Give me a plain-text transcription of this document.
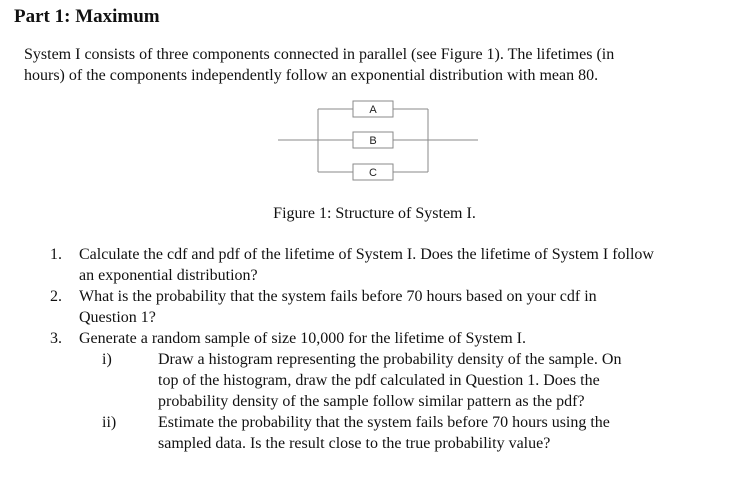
Part 1: Maximum
System I consists of three components connected in parallel (see Figure 1). The lifetimes (in
hours) of the components independently follow an exponential distribution with mean 80.
A
B
C
Figure 1: Structure of System I.
1. Calculate the cdf and pdf of the lifetime of System I. Does the lifetime of System I follow
an exponential distribution?
2. What is the probability that the system fails before 70 hours based on your cdf in
Question 1?
3. Generate a random sample of size 10,000 for the lifetime of System I.
i)	Draw a histogram representing the probability density of the sample. On
top of the histogram, draw the pdf calculated in Question 1. Does the
probability density of the sample follow similar pattern as the pdf?
ii)	Estimate the probability that the system fails before 70 hours using the
sampled data. Is the result close to the true probability value?
